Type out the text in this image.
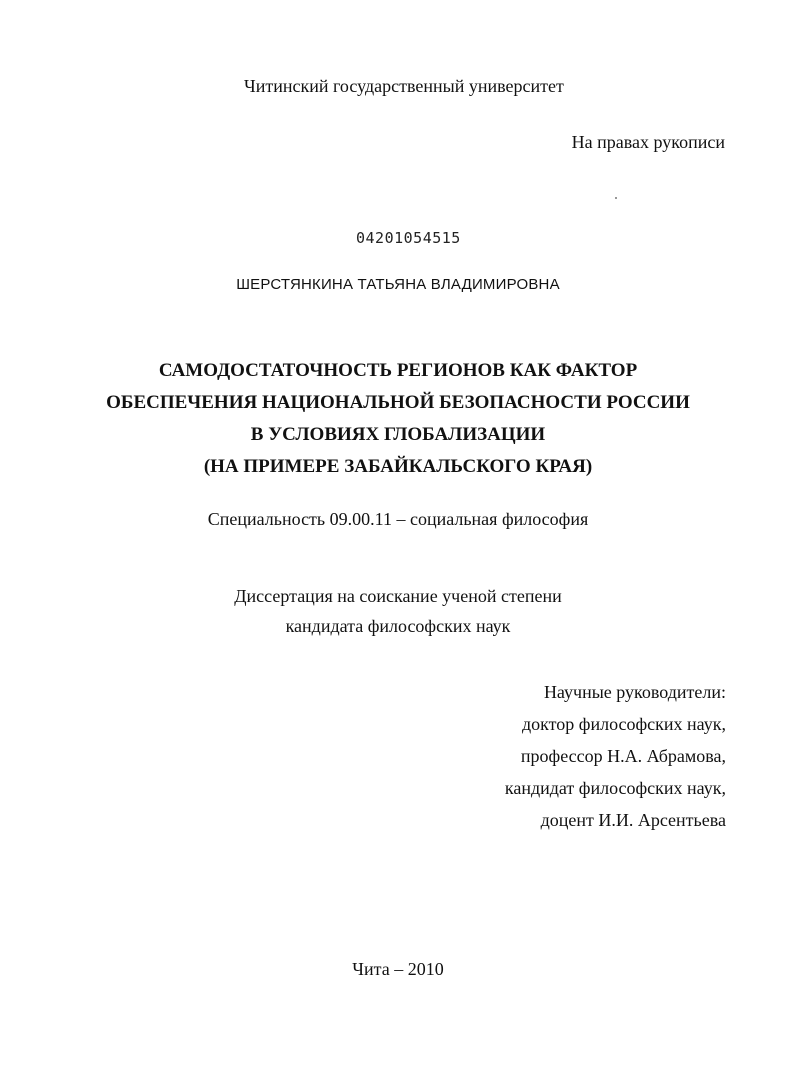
Читинский государственный университет
На правах рукописи
04201054515
ШЕРСТЯНКИНА ТАТЬЯНА ВЛАДИМИРОВНА
САМОДОСТАТОЧНОСТЬ РЕГИОНОВ КАК ФАКТОР
ОБЕСПЕЧЕНИЯ НАЦИОНАЛЬНОЙ БЕЗОПАСНОСТИ РОССИИ
В УСЛОВИЯХ ГЛОБАЛИЗАЦИИ
(НА ПРИМЕРЕ ЗАБАЙКАЛЬСКОГО КРАЯ)
Специальность 09.00.11 – социальная философия
Диссертация на соискание ученой степени
кандидата философских наук
Научные руководители:
доктор философских наук,
профессор Н.А. Абрамова,
кандидат философских наук,
доцент И.И. Арсентьева
Чита – 2010
